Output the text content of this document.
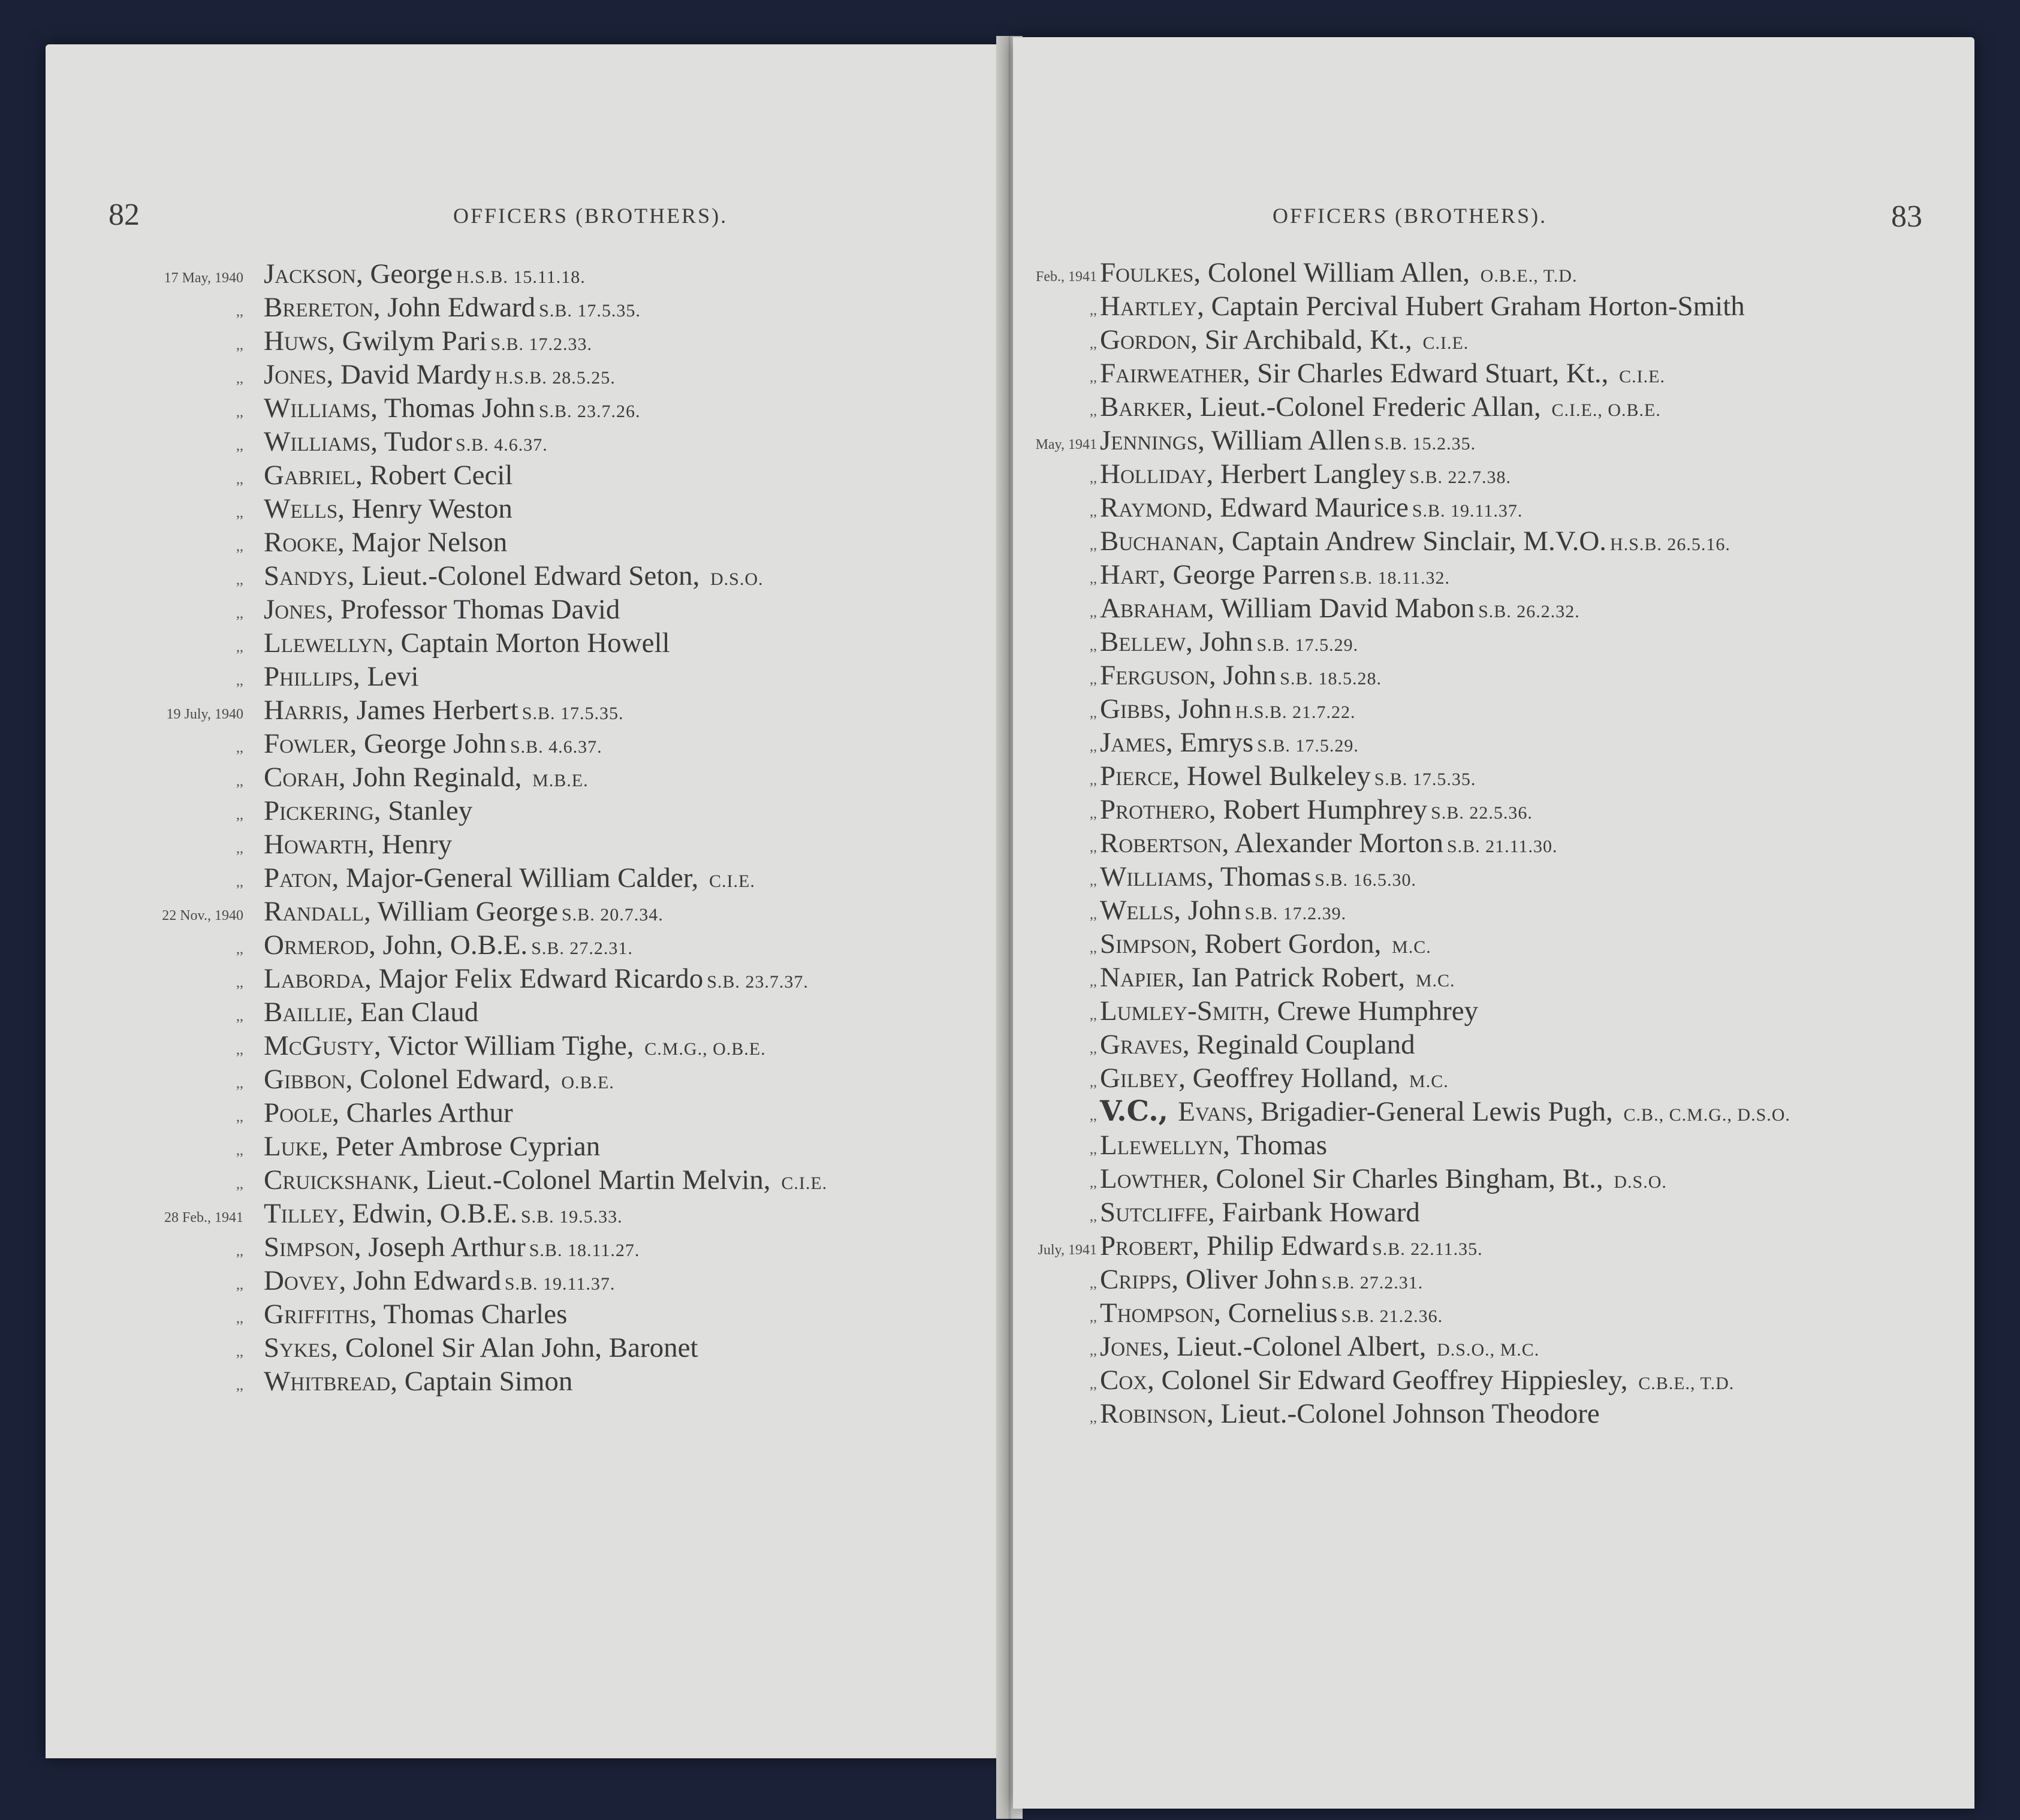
82	OFFICERS (BROTHERS).
17 May, 1940 Jackson, George H.S.B. 15.11.18.
,, Brereton, John Edward S.B. 17.5.35.
,, Huws, Gwilym Pari S.B. 17.2.33.
,, Jones, David Mardy H.S.B. 28.5.25.
,, Williams, Thomas John S.B. 23.7.26.
,, Williams, Tudor S.B. 4.6.37.
,, Gabriel, Robert Cecil
,, Wells, Henry Weston
,, Rooke, Major Nelson
,, Sandys, Lieut.-Colonel Edward Seton, D.S.O.
,, Jones, Professor Thomas David
,, Llewellyn, Captain Morton Howell
,, Phillips, Levi
19 July, 1940 Harris, James Herbert S.B. 17.5.35.
,, Fowler, George John S.B. 4.6.37.
,, Corah, John Reginald, M.B.E.
,, Pickering, Stanley
,, Howarth, Henry
,, Paton, Major-General William Calder, C.I.E.
22 Nov., 1940 Randall, William George S.B. 20.7.34.
,, Ormerod, John, O.B.E. S.B. 27.2.31.
,, Laborda, Major Felix Edward Ricardo S.B. 23.7.37.
,, Baillie, Ean Claud
,, McGusty, Victor William Tighe, C.M.G., O.B.E.
,, Gibbon, Colonel Edward, O.B.E.
,, Poole, Charles Arthur
,, Luke, Peter Ambrose Cyprian
,, Cruickshank, Lieut.-Colonel Martin Melvin, C.I.E.
28 Feb., 1941 Tilley, Edwin, O.B.E. S.B. 19.5.33.
,, Simpson, Joseph Arthur S.B. 18.11.27.
,, Dovey, John Edward S.B. 19.11.37.
,, Griffiths, Thomas Charles
,, Sykes, Colonel Sir Alan John, Baronet
,, Whitbread, Captain Simon
OFFICERS (BROTHERS).	83
Feb., 1941 Foulkes, Colonel William Allen, O.B.E., T.D.
,, Hartley, Captain Percival Hubert Graham Horton-Smith
,, Gordon, Sir Archibald, Kt., C.I.E.
,, Fairweather, Sir Charles Edward Stuart, Kt., C.I.E.
,, Barker, Lieut.-Colonel Frederic Allan, C.I.E., O.B.E.
May, 1941 Jennings, William Allen S.B. 15.2.35.
,, Holliday, Herbert Langley S.B. 22.7.38.
,, Raymond, Edward Maurice S.B. 19.11.37.
,, Buchanan, Captain Andrew Sinclair, M.V.O. H.S.B. 26.5.16.
,, Hart, George Parren S.B. 18.11.32.
,, Abraham, William David Mabon S.B. 26.2.32.
,, Bellew, John S.B. 17.5.29.
,, Ferguson, John S.B. 18.5.28.
,, Gibbs, John H.S.B. 21.7.22.
,, James, Emrys S.B. 17.5.29.
,, Pierce, Howel Bulkeley S.B. 17.5.35.
,, Prothero, Robert Humphrey S.B. 22.5.36.
,, Robertson, Alexander Morton S.B. 21.11.30.
,, Williams, Thomas S.B. 16.5.30.
,, Wells, John S.B. 17.2.39.
,, Simpson, Robert Gordon, M.C.
,, Napier, Ian Patrick Robert, M.C.
,, Lumley-Smith, Crewe Humphrey
,, Graves, Reginald Coupland
,, Gilbey, Geoffrey Holland, M.C.
,, V.C., Evans, Brigadier-General Lewis Pugh, C.B., C.M.G., D.S.O.
,, Llewellyn, Thomas
,, Lowther, Colonel Sir Charles Bingham, Bt., D.S.O.
,, Sutcliffe, Fairbank Howard
July, 1941 Probert, Philip Edward S.B. 22.11.35.
,, Cripps, Oliver John S.B. 27.2.31.
,, Thompson, Cornelius S.B. 21.2.36.
,, Jones, Lieut.-Colonel Albert, D.S.O., M.C.
,, Cox, Colonel Sir Edward Geoffrey Hippiesley, C.B.E., T.D.
,, Robinson, Lieut.-Colonel Johnson Theodore
